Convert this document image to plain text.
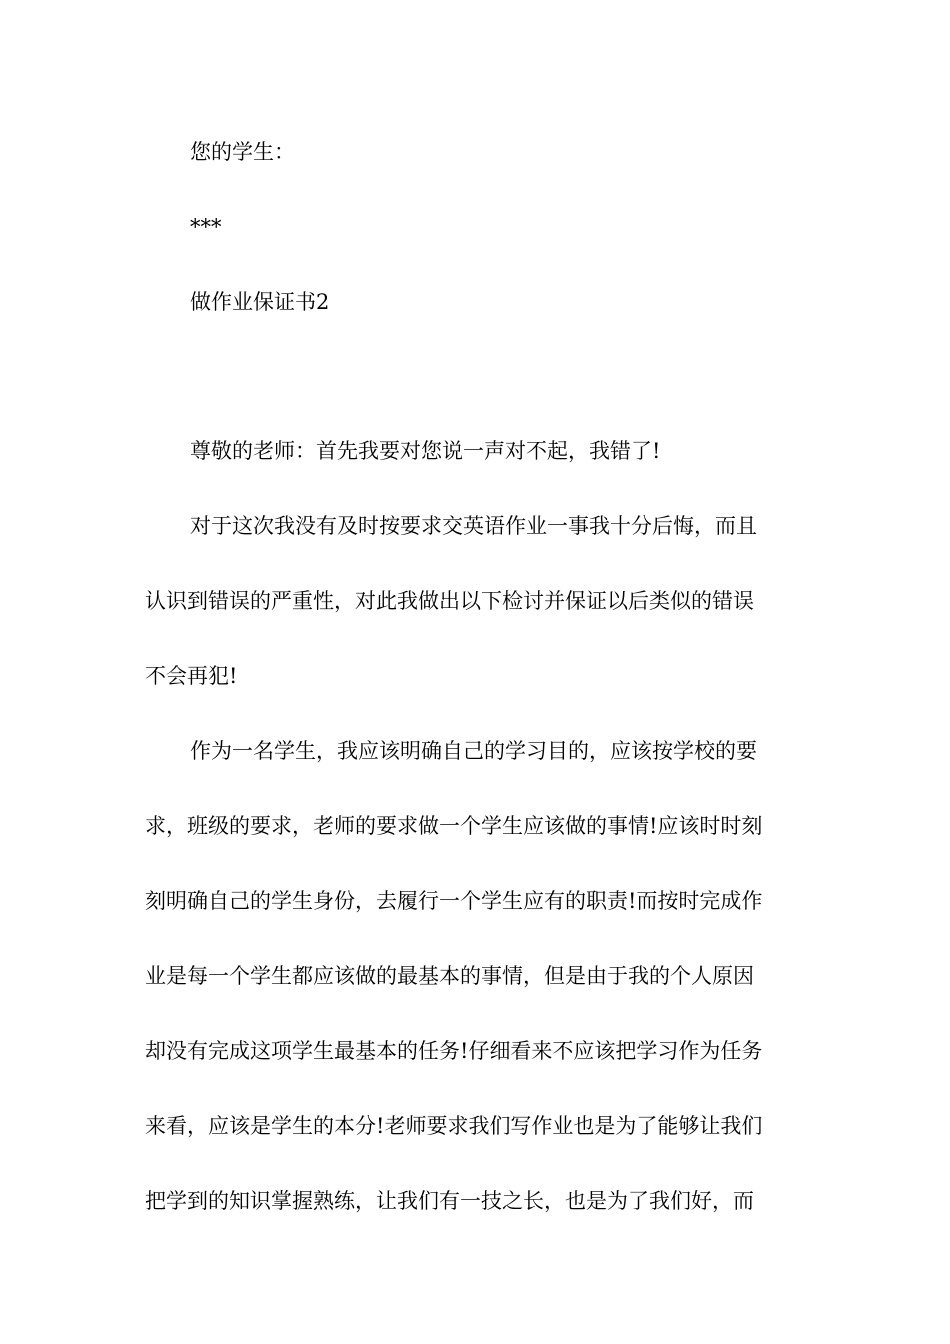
您的学生：
***
做作业保证书2
尊敬的老师：首先我要对您说一声对不起，我错了!
对于这次我没有及时按要求交英语作业一事我十分后悔，而且
认识到错误的严重性，对此我做出以下检讨并保证以后类似的错误
不会再犯!
作为一名学生，我应该明确自己的学习目的，应该按学校的要
求，班级的要求，老师的要求做一个学生应该做的事情!应该时时刻
刻明确自己的学生身份，去履行一个学生应有的职责!而按时完成作
业是每一个学生都应该做的最基本的事情，但是由于我的个人原因
却没有完成这项学生最基本的任务!仔细看来不应该把学习作为任务
来看，应该是学生的本分!老师要求我们写作业也是为了能够让我们
把学到的知识掌握熟练，让我们有一技之长，也是为了我们好，而
